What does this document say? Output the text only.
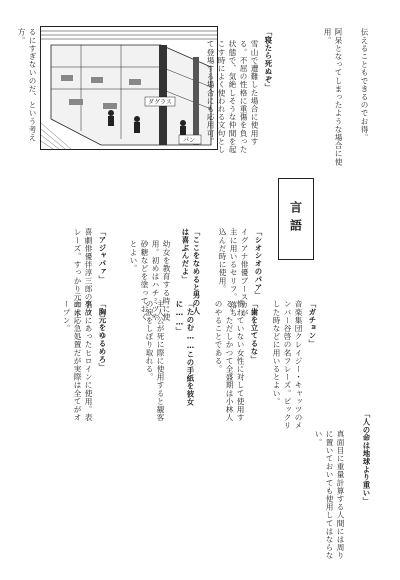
ダグラス
パン	伝えることもできるのでお得。

阿呆となってしまったような場合に使用。

「寝たら死ぬぞ」

雪山で遭難した場合に使用する。不屈の性格に重傷を負った状態で、気絶しそうな仲間を起こす時によく使われる文句として登場する場合にも応用可。

言語

るにすぎないのだ、という考え方。

「シオシオのパア」

イグアナ俳優ブースカが主に用いるセリフ。落ち込んだ時に使用。

「ここをなめると男の人は喜ぶんだよ」

幼女を教育する時に使用。初めはハチミツや砂糖などを塗っておくとよい。

「アジャパァ」

喜劇俳優伴淳三郎の名フレーズ。すっかり元の木

「ガチョン」

音楽集団クレイジー・キャッツのメンバー谷啓の名フレーズ。ビックリした時などに用いるとよい。

「歯を立てるな」

慣れていない女性に対して使用する。ただしかつて全盛期は小林人のやることである。

「たのむ……この手紙を彼女に……」

主人公が死に際に使用すると観客の涙をしぼり取れる。

「胸元をゆるめろ」

事故にあったヒロインに使用。表面は応急処置だが実際は全てがオープン。

「人の命は地球より重い」

真面目に重量計算する人間には周りに置いておいても使用してはならない。
